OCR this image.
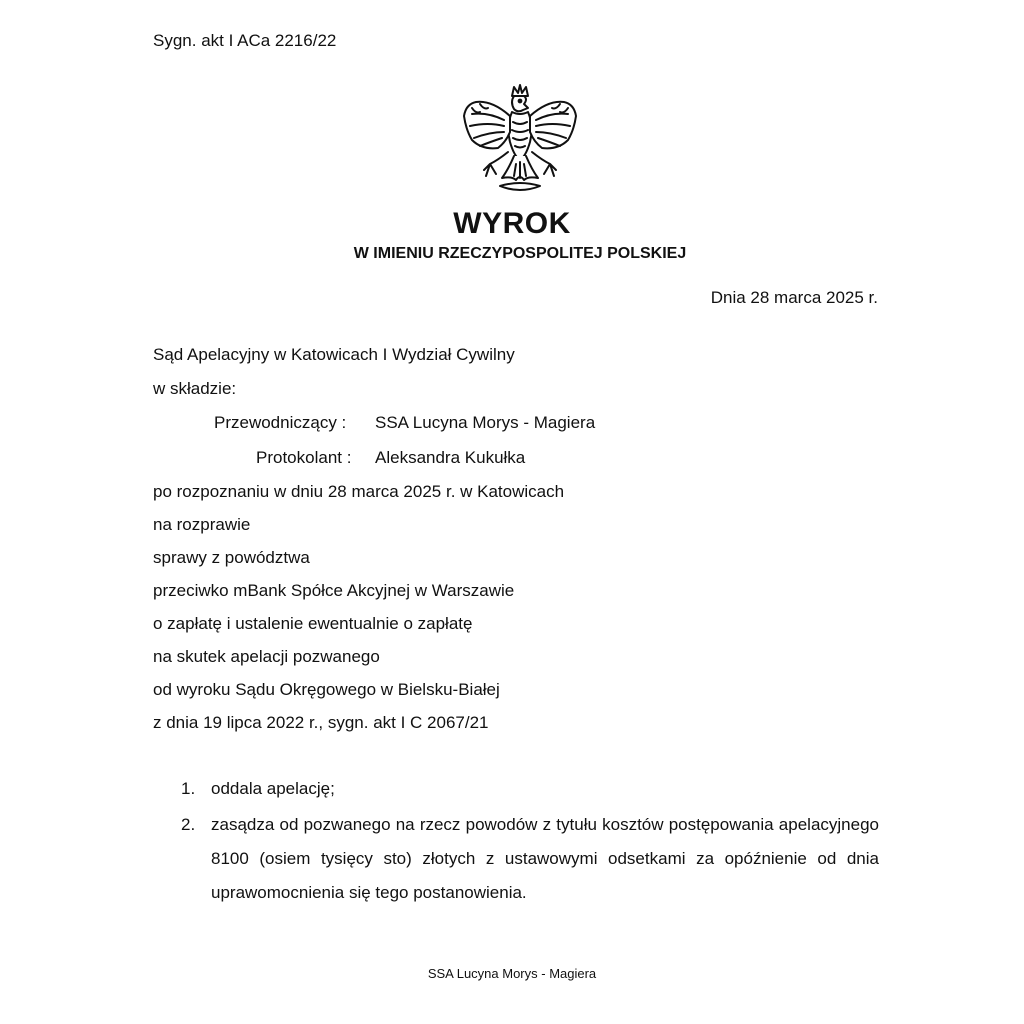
Sygn. akt I ACa 2216/22
WYROK
W IMIENIU RZECZYPOSPOLITEJ POLSKIEJ
Dnia 28 marca 2025 r.
Sąd Apelacyjny w Katowicach I Wydział Cywilny
w składzie:
Przewodniczący : SSA Lucyna Morys - Magiera
Protokolant : Aleksandra Kukułka
po rozpoznaniu w dniu 28 marca 2025 r. w Katowicach
na rozprawie
sprawy z powództwa
przeciwko mBank Spółce Akcyjnej w Warszawie
o zapłatę i ustalenie ewentualnie o zapłatę
na skutek apelacji pozwanego
od wyroku Sądu Okręgowego w Bielsku-Białej
z dnia 19 lipca 2022 r., sygn. akt I C 2067/21
1. oddala apelację;
2. zasądza od pozwanego na rzecz powodów z tytułu kosztów postępowania apelacyjnego 8100 (osiem tysięcy sto) złotych z ustawowymi odsetkami za opóźnienie od dnia uprawomocnienia się tego postanowienia.
SSA Lucyna Morys - Magiera
